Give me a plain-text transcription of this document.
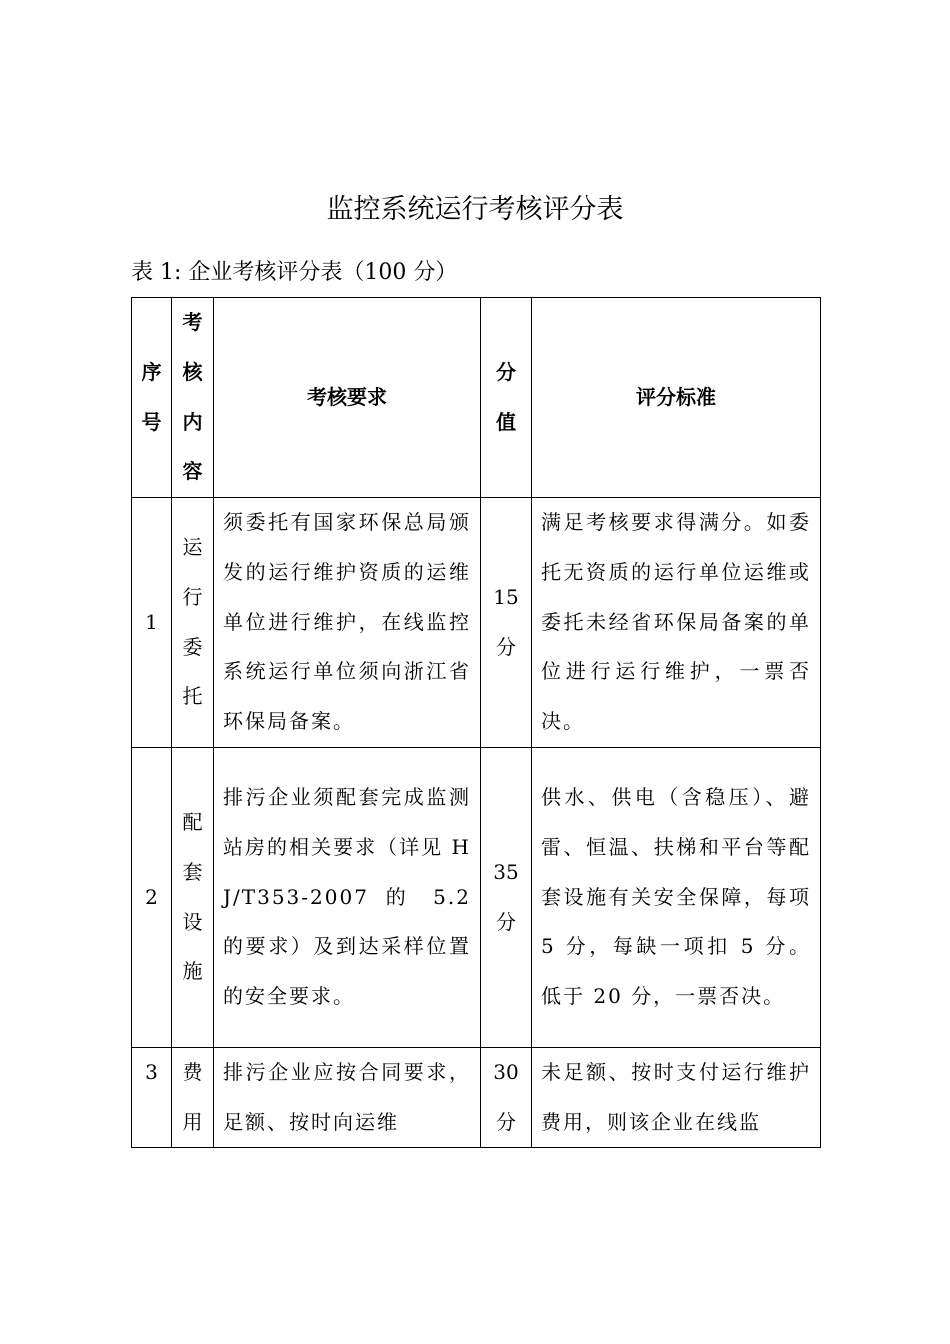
监控系统运行考核评分表
表 1: 企业考核评分表（100 分）
序号	考核内容	考核要求	分值	评分标准

1	运行委托	须委托有国家环保总局颁发的运行维护资质的运维单位进行维护，在线监控系统运行单位须向浙江省环保局备案。	15分	满足考核要求得满分。如委托无资质的运行单位运维或委托未经省环保局备案的单位进行运行维护，一票否决。

2	配套设施	排污企业须配套完成监测站房的相关要求（详见 HJ/T353-2007 的 5.2 的要求）及到达采样位置的安全要求。	35分	供水、供电（含稳压）、避雷、恒温、扶梯和平台等配套设施有关安全保障，每项 5 分，每缺一项扣 5 分。低于 20 分，一票否决。

3	费用	排污企业应按合同要求，足额、按时向运维	30分	未足额、按时支付运行维护费用，则该企业在线监
